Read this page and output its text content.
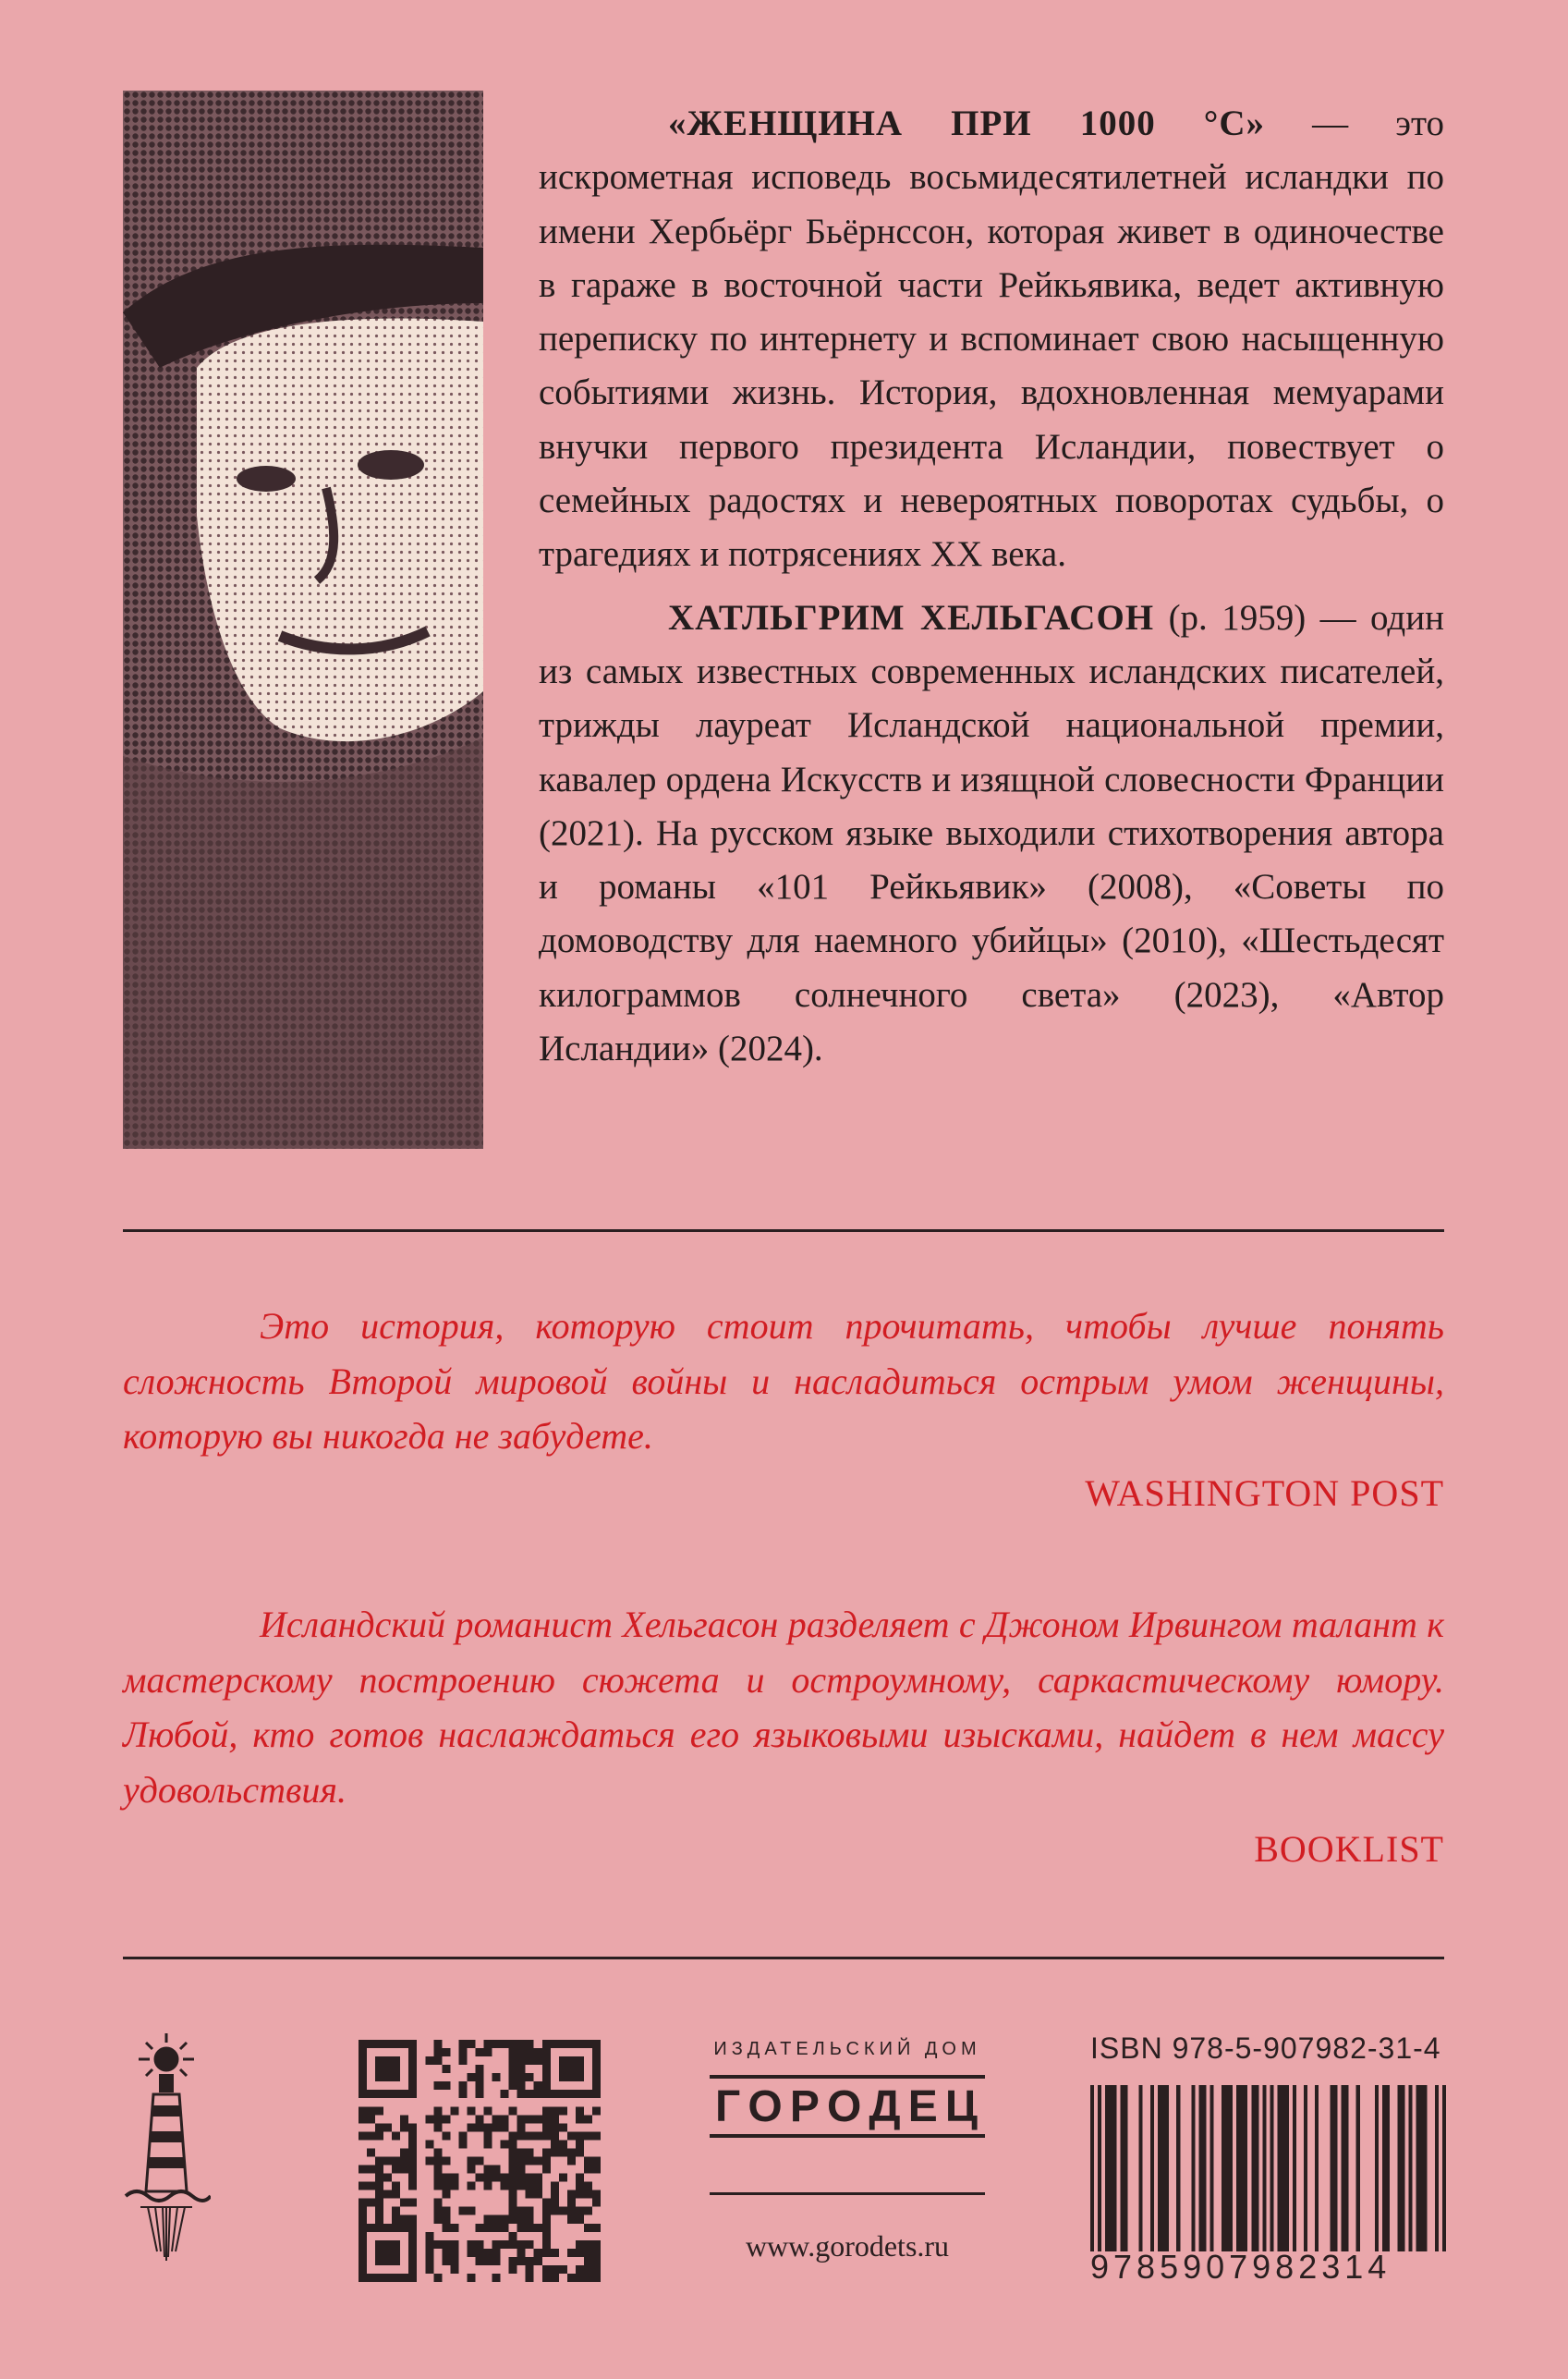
«ЖЕНЩИНА ПРИ 1000 °C» — это искрометная исповедь восьмидесятилетней исландки по имени Хербьёрг Бьёрнссон, которая живет в одиночестве в гараже в восточной части Рейкьявика, ведет активную переписку по интернету и вспоминает свою насыщенную событиями жизнь. История, вдохновленная мемуарами внучки первого президента Исландии, повествует о семейных радостях и невероятных поворотах судьбы, о трагедиях и потрясениях XX века.

ХАТЛЬГРИМ ХЕЛЬГАСОН (р. 1959) — один из самых известных современных исландских писателей, трижды лауреат Исландской национальной премии, кавалер ордена Искусств и изящной словесности Франции (2021). На русском языке выходили стихотворения автора и романы «101 Рейкьявик» (2008), «Советы по домоводству для наемного убийцы» (2010), «Шестьдесят килограммов солнечного света» (2023), «Автор Исландии» (2024).

Это история, которую стоит прочитать, чтобы лучше понять сложность Второй мировой войны и насладиться острым умом женщины, которую вы никогда не забудете.

WASHINGTON POST

Исландский романист Хельгасон разделяет с Джоном Ирвингом талант к мастерскому построению сюжета и остроумному, саркастическому юмору. Любой, кто готов наслаждаться его языковыми изысками, найдет в нем массу удовольствия.

BOOKLIST
ИЗДАТЕЛЬСКИЙ ДОМ
Г О Р О Д Е Ц
www.gorodets.ru
ISBN 978-5-907982-31-4
9785907982314
